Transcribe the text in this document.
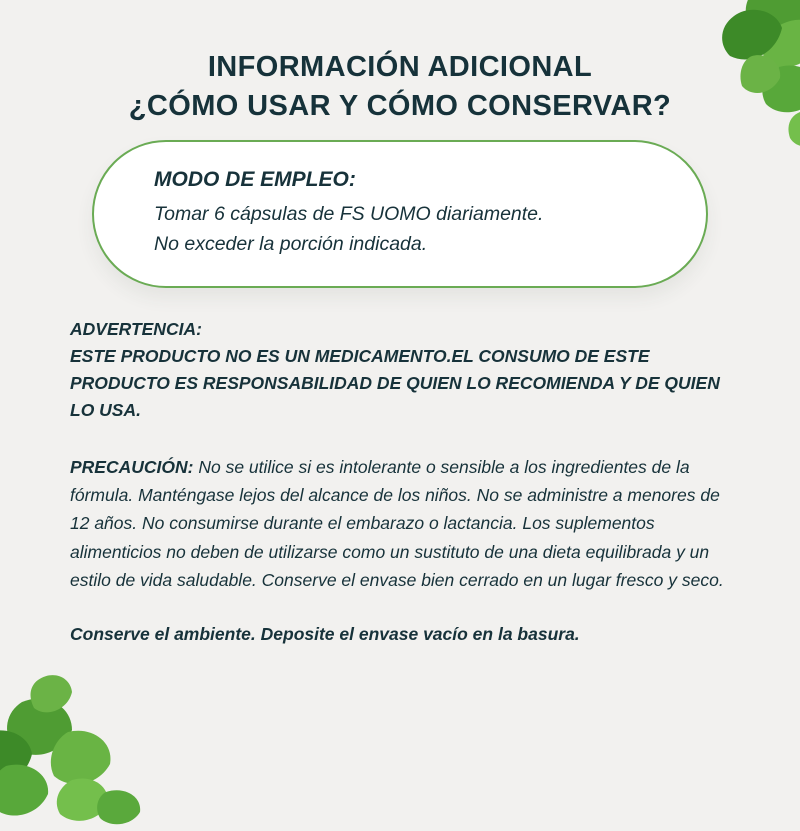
INFORMACIÓN ADICIONAL
¿CÓMO USAR Y CÓMO CONSERVAR?
MODO DE EMPLEO:
Tomar 6 cápsulas de FS UOMO diariamente.
No exceder la porción indicada.
ADVERTENCIA:
ESTE PRODUCTO NO ES UN MEDICAMENTO.EL CONSUMO DE ESTE PRODUCTO ES RESPONSABILIDAD DE QUIEN LO RECOMIENDA Y DE QUIEN LO USA.
PRECAUCIÓN: No se utilice si es intolerante o sensible a los ingredientes de la fórmula. Manténgase lejos del alcance de los niños. No se administre a menores de 12 años. No consumirse durante el embarazo o lactancia. Los suplementos alimenticios no deben de utilizarse como un sustituto de una dieta equilibrada y un estilo de vida saludable. Conserve el envase bien cerrado en un lugar fresco y seco.
Conserve el ambiente. Deposite el envase vacío en la basura.
